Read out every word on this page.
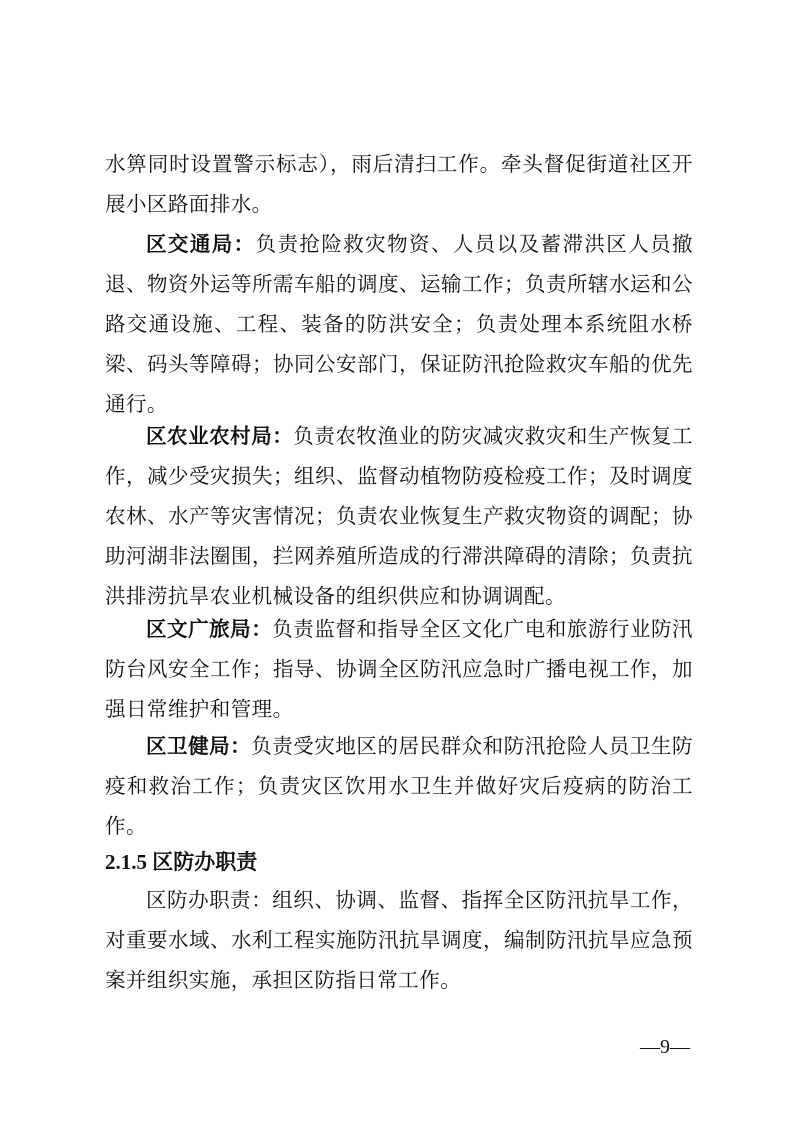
水箅同时设置警示标志），雨后清扫工作。牵头督促街道社区开展小区路面排水。

区交通局：负责抢险救灾物资、人员以及蓄滞洪区人员撤退、物资外运等所需车船的调度、运输工作；负责所辖水运和公路交通设施、工程、装备的防洪安全；负责处理本系统阻水桥梁、码头等障碍；协同公安部门，保证防汛抢险救灾车船的优先通行。

区农业农村局：负责农牧渔业的防灾减灾救灾和生产恢复工作，减少受灾损失；组织、监督动植物防疫检疫工作；及时调度农林、水产等灾害情况；负责农业恢复生产救灾物资的调配；协助河湖非法圈围，拦网养殖所造成的行滞洪障碍的清除；负责抗洪排涝抗旱农业机械设备的组织供应和协调调配。

区文广旅局：负责监督和指导全区文化广电和旅游行业防汛防台风安全工作；指导、协调全区防汛应急时广播电视工作，加强日常维护和管理。

区卫健局：负责受灾地区的居民群众和防汛抢险人员卫生防疫和救治工作；负责灾区饮用水卫生并做好灾后疫病的防治工作。

2.1.5 区防办职责

区防办职责：组织、协调、监督、指挥全区防汛抗旱工作，对重要水域、水利工程实施防汛抗旱调度，编制防汛抗旱应急预案并组织实施，承担区防指日常工作。

—9—
